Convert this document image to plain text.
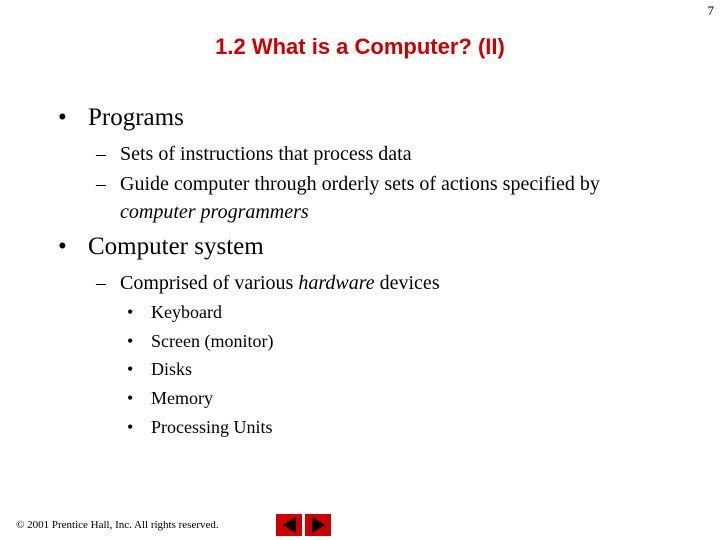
7
1.2 What is a Computer? (II)
• Programs
– Sets of instructions that process data
– Guide computer through orderly sets of actions specified by
computer programmers
• Computer system
– Comprised of various hardware devices
• Keyboard
• Screen (monitor)
• Disks
• Memory
• Processing Units
© 2001 Prentice Hall, Inc. All rights reserved.
